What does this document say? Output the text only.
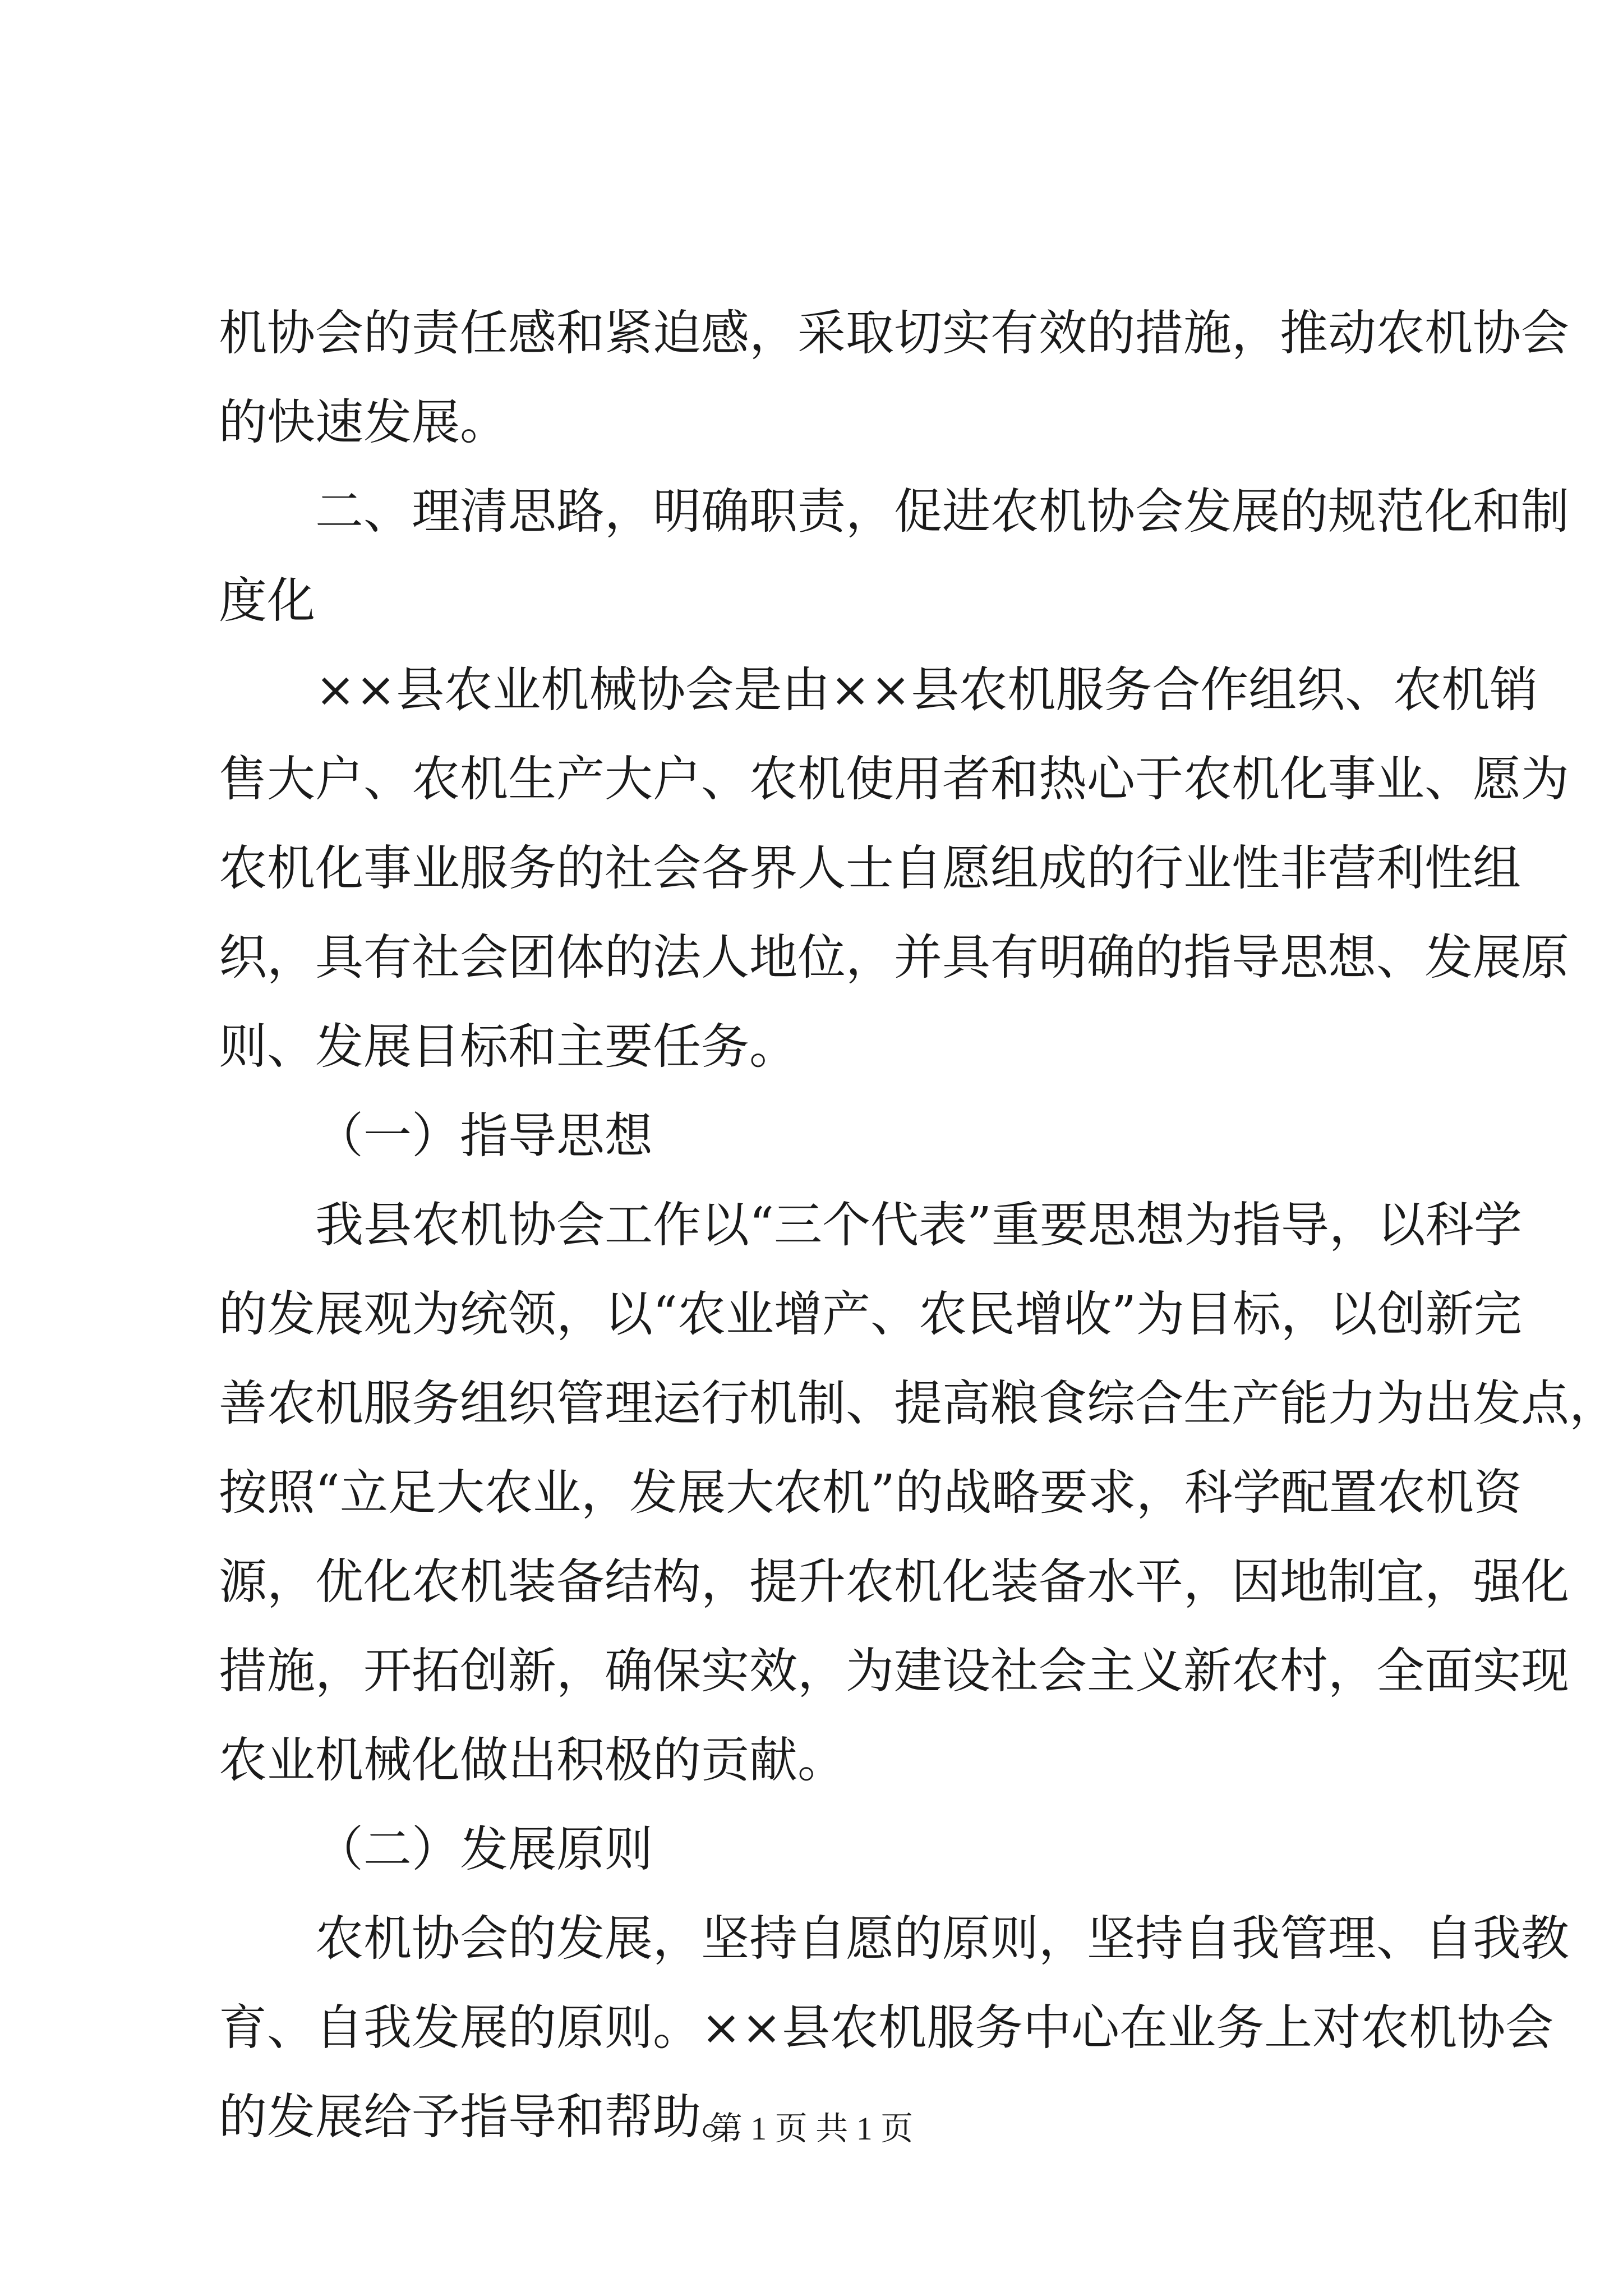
机协会的责任感和紧迫感，采取切实有效的措施，推动农机协会
的快速发展。
二、理清思路，明确职责，促进农机协会发展的规范化和制
度化
××县农业机械协会是由××县农机服务合作组织、农机销
售大户、农机生产大户、农机使用者和热心于农机化事业、愿为
农机化事业服务的社会各界人士自愿组成的行业性非营利性组
织，具有社会团体的法人地位，并具有明确的指导思想、发展原
则、发展目标和主要任务。
（一）指导思想
我县农机协会工作以“三个代表”重要思想为指导，以科学
的发展观为统领，以“农业增产、农民增收”为目标，以创新完
善农机服务组织管理运行机制、提高粮食综合生产能力为出发点，
按照“立足大农业，发展大农机”的战略要求，科学配置农机资
源，优化农机装备结构，提升农机化装备水平，因地制宜，强化
措施，开拓创新，确保实效，为建设社会主义新农村，全面实现
农业机械化做出积极的贡献。
（二）发展原则
农机协会的发展，坚持自愿的原则，坚持自我管理、自我教
育、自我发展的原则。××县农机服务中心在业务上对农机协会
的发展给予指导和帮助。
第 1 页 共 1 页
